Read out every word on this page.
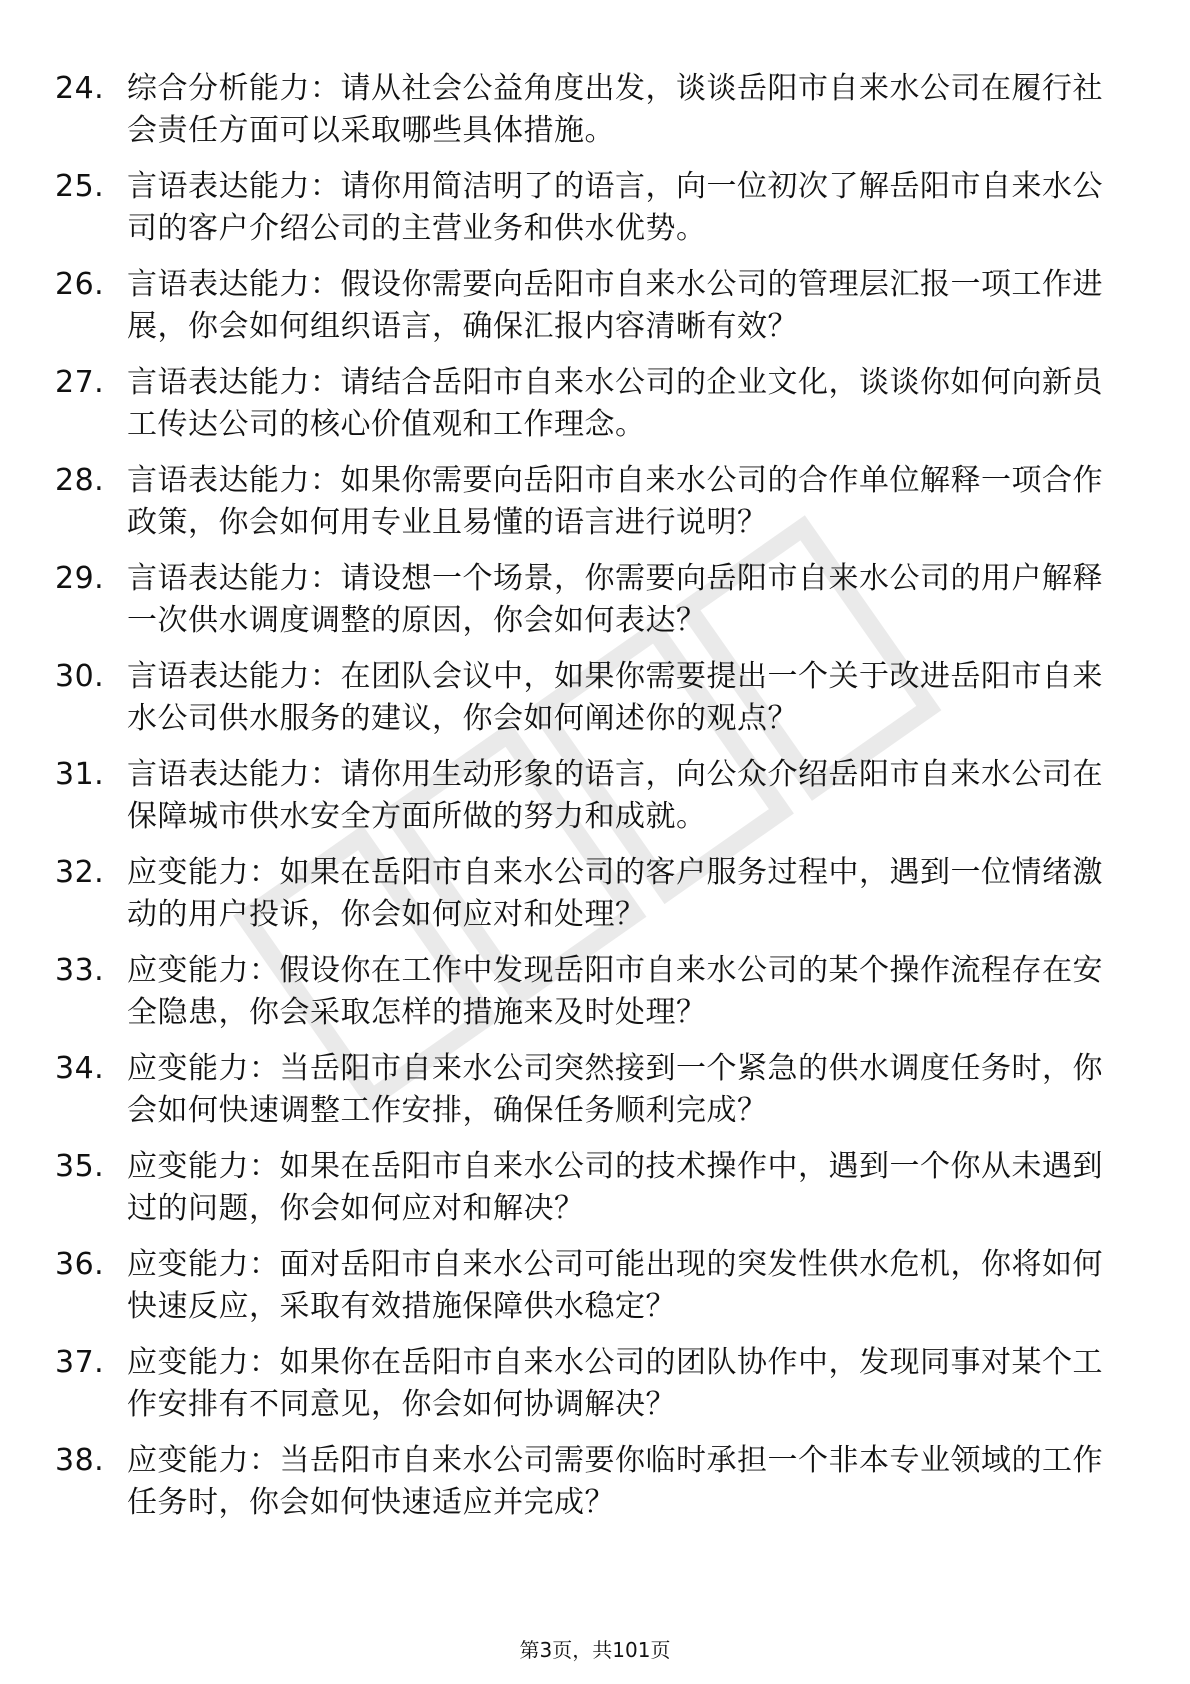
24. 综合分析能力：请从社会公益角度出发，谈谈岳阳市自来水公司在履行社会责任方面可以采取哪些具体措施。
25. 言语表达能力：请你用简洁明了的语言，向一位初次了解岳阳市自来水公司的客户介绍公司的主营业务和供水优势。
26. 言语表达能力：假设你需要向岳阳市自来水公司的管理层汇报一项工作进展，你会如何组织语言，确保汇报内容清晰有效？
27. 言语表达能力：请结合岳阳市自来水公司的企业文化，谈谈你如何向新员工传达公司的核心价值观和工作理念。
28. 言语表达能力：如果你需要向岳阳市自来水公司的合作单位解释一项合作政策，你会如何用专业且易懂的语言进行说明？
29. 言语表达能力：请设想一个场景，你需要向岳阳市自来水公司的用户解释一次供水调度调整的原因，你会如何表达？
30. 言语表达能力：在团队会议中，如果你需要提出一个关于改进岳阳市自来水公司供水服务的建议，你会如何阐述你的观点？
31. 言语表达能力：请你用生动形象的语言，向公众介绍岳阳市自来水公司在保障城市供水安全方面所做的努力和成就。
32. 应变能力：如果在岳阳市自来水公司的客户服务过程中，遇到一位情绪激动的用户投诉，你会如何应对和处理？
33. 应变能力：假设你在工作中发现岳阳市自来水公司的某个操作流程存在安全隐患，你会采取怎样的措施来及时处理？
34. 应变能力：当岳阳市自来水公司突然接到一个紧急的供水调度任务时，你会如何快速调整工作安排，确保任务顺利完成？
35. 应变能力：如果在岳阳市自来水公司的技术操作中，遇到一个你从未遇到过的问题，你会如何应对和解决？
36. 应变能力：面对岳阳市自来水公司可能出现的突发性供水危机，你将如何快速反应，采取有效措施保障供水稳定？
37. 应变能力：如果你在岳阳市自来水公司的团队协作中，发现同事对某个工作安排有不同意见，你会如何协调解决？
38. 应变能力：当岳阳市自来水公司需要你临时承担一个非本专业领域的工作任务时，你会如何快速适应并完成？
第3页，共101页
